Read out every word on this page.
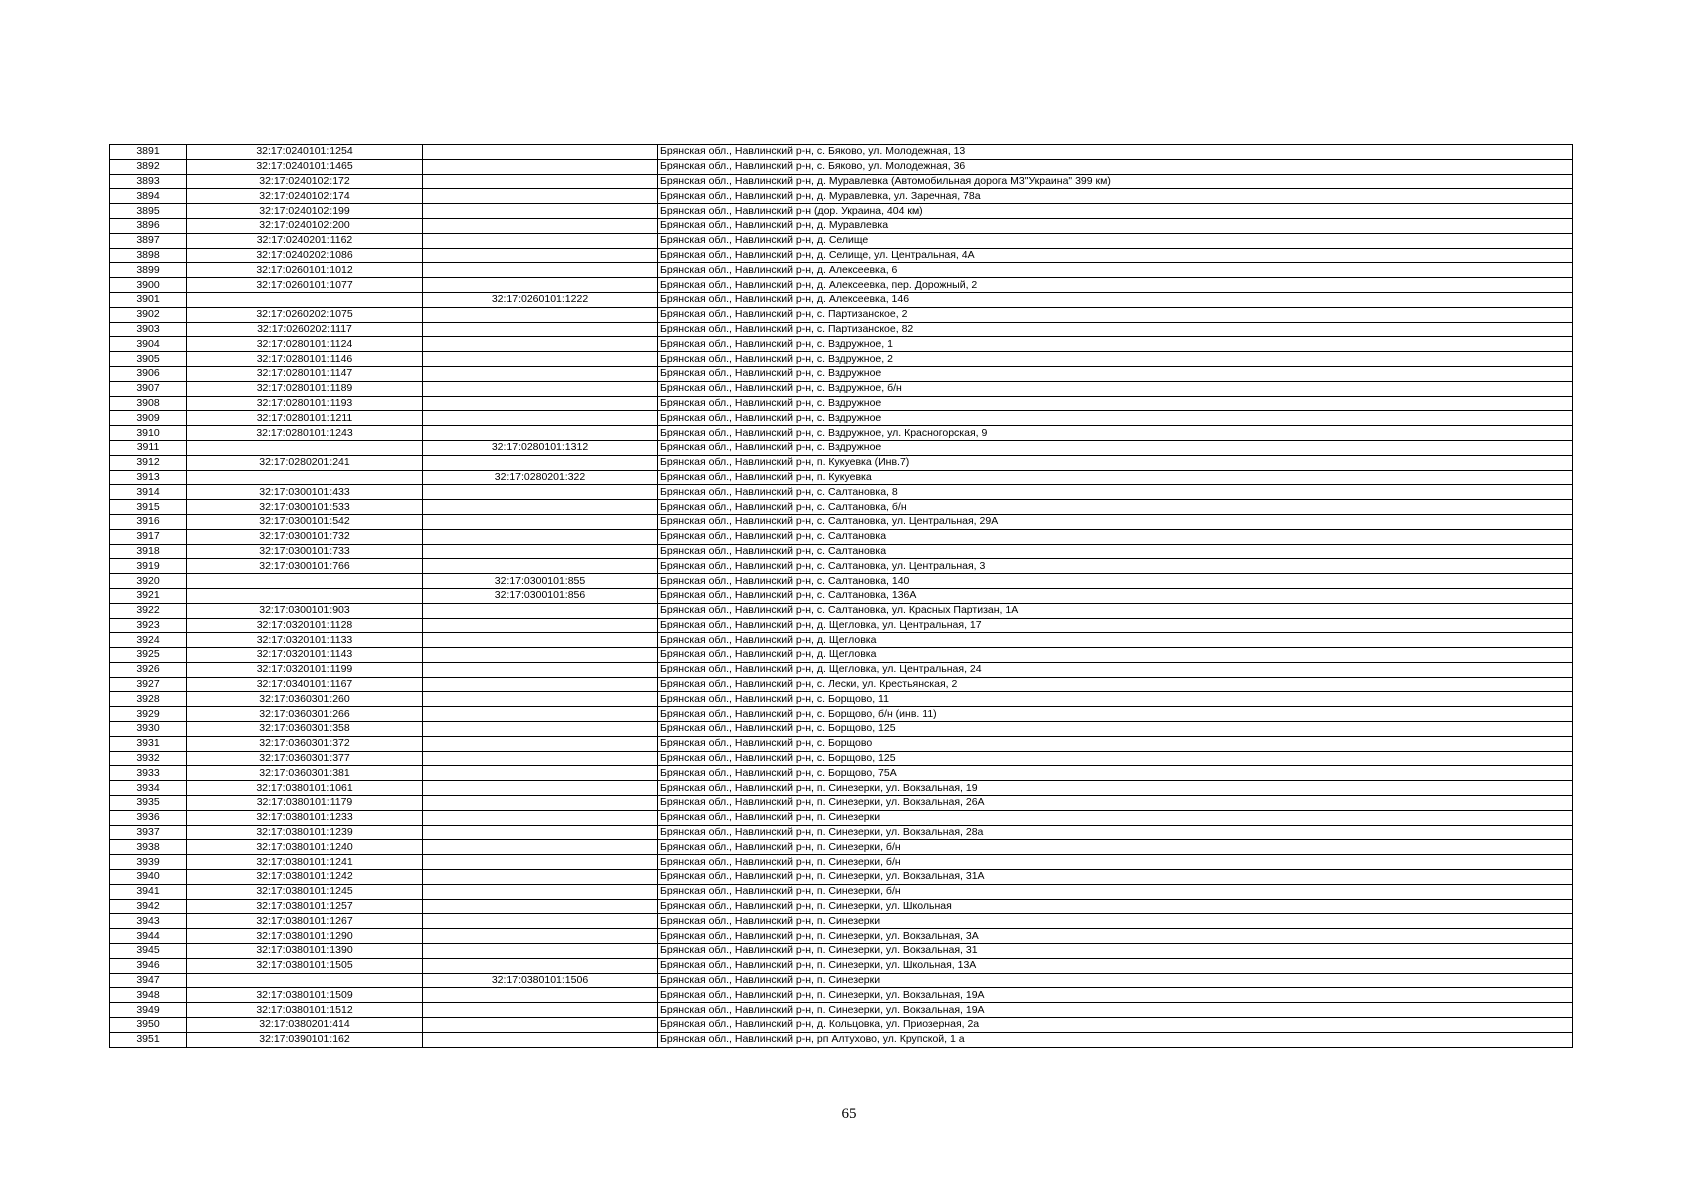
3891	32:17:0240101:1254		Брянская обл., Навлинский р-н, с. Бяково, ул. Молодежная, 13
3892	32:17:0240101:1465		Брянская обл., Навлинский р-н, с. Бяково, ул. Молодежная, 36
3893	32:17:0240102:172		Брянская обл., Навлинский р-н, д. Муравлевка (Автомобильная дорога М3"Украина" 399 км)
3894	32:17:0240102:174		Брянская обл., Навлинский р-н, д. Муравлевка, ул. Заречная, 78а
3895	32:17:0240102:199		Брянская обл., Навлинский р-н (дор. Украина, 404 км)
3896	32:17:0240102:200		Брянская обл., Навлинский р-н, д. Муравлевка
3897	32:17:0240201:1162		Брянская обл., Навлинский р-н, д. Селище
3898	32:17:0240202:1086		Брянская обл., Навлинский р-н, д. Селище, ул. Центральная, 4А
3899	32:17:0260101:1012		Брянская обл., Навлинский р-н, д. Алексеевка, 6
3900	32:17:0260101:1077		Брянская обл., Навлинский р-н, д. Алексеевка, пер. Дорожный, 2
3901		32:17:0260101:1222	Брянская обл., Навлинский р-н, д. Алексеевка, 146
3902	32:17:0260202:1075		Брянская обл., Навлинский р-н, с. Партизанское, 2
3903	32:17:0260202:1117		Брянская обл., Навлинский р-н, с. Партизанское, 82
3904	32:17:0280101:1124		Брянская обл., Навлинский р-н, с. Вздружное, 1
3905	32:17:0280101:1146		Брянская обл., Навлинский р-н, с. Вздружное, 2
3906	32:17:0280101:1147		Брянская обл., Навлинский р-н, с. Вздружное
3907	32:17:0280101:1189		Брянская обл., Навлинский р-н, с. Вздружное, б/н
3908	32:17:0280101:1193		Брянская обл., Навлинский р-н, с. Вздружное
3909	32:17:0280101:1211		Брянская обл., Навлинский р-н, с. Вздружное
3910	32:17:0280101:1243		Брянская обл., Навлинский р-н, с. Вздружное, ул. Красногорская, 9
3911		32:17:0280101:1312	Брянская обл., Навлинский р-н, с. Вздружное
3912	32:17:0280201:241		Брянская обл., Навлинский р-н, п. Кукуевка (Инв.7)
3913		32:17:0280201:322	Брянская обл., Навлинский р-н, п. Кукуевка
3914	32:17:0300101:433		Брянская обл., Навлинский р-н, с. Салтановка, 8
3915	32:17:0300101:533		Брянская обл., Навлинский р-н, с. Салтановка, б/н
3916	32:17:0300101:542		Брянская обл., Навлинский р-н, с. Салтановка, ул. Центральная, 29А
3917	32:17:0300101:732		Брянская обл., Навлинский р-н, с. Салтановка
3918	32:17:0300101:733		Брянская обл., Навлинский р-н, с. Салтановка
3919	32:17:0300101:766		Брянская обл., Навлинский р-н, с. Салтановка, ул. Центральная, 3
3920		32:17:0300101:855	Брянская обл., Навлинский р-н, с. Салтановка, 140
3921		32:17:0300101:856	Брянская обл., Навлинский р-н, с. Салтановка, 136А
3922	32:17:0300101:903		Брянская обл., Навлинский р-н, с. Салтановка, ул. Красных Партизан, 1А
3923	32:17:0320101:1128		Брянская обл., Навлинский р-н, д. Щегловка, ул. Центральная, 17
3924	32:17:0320101:1133		Брянская обл., Навлинский р-н, д. Щегловка
3925	32:17:0320101:1143		Брянская обл., Навлинский р-н, д. Щегловка
3926	32:17:0320101:1199		Брянская обл., Навлинский р-н, д. Щегловка, ул. Центральная, 24
3927	32:17:0340101:1167		Брянская обл., Навлинский р-н, с. Лески, ул. Крестьянская, 2
3928	32:17:0360301:260		Брянская обл., Навлинский р-н, с. Борщово, 11
3929	32:17:0360301:266		Брянская обл., Навлинский р-н, с. Борщово, б/н (инв. 11)
3930	32:17:0360301:358		Брянская обл., Навлинский р-н, с. Борщово, 125
3931	32:17:0360301:372		Брянская обл., Навлинский р-н, с. Борщово
3932	32:17:0360301:377		Брянская обл., Навлинский р-н, с. Борщово, 125
3933	32:17:0360301:381		Брянская обл., Навлинский р-н, с. Борщово, 75А
3934	32:17:0380101:1061		Брянская обл., Навлинский р-н, п. Синезерки, ул. Вокзальная, 19
3935	32:17:0380101:1179		Брянская обл., Навлинский р-н, п. Синезерки, ул. Вокзальная, 26А
3936	32:17:0380101:1233		Брянская обл., Навлинский р-н, п. Синезерки
3937	32:17:0380101:1239		Брянская обл., Навлинский р-н, п. Синезерки, ул. Вокзальная, 28а
3938	32:17:0380101:1240		Брянская обл., Навлинский р-н, п. Синезерки, б/н
3939	32:17:0380101:1241		Брянская обл., Навлинский р-н, п. Синезерки, б/н
3940	32:17:0380101:1242		Брянская обл., Навлинский р-н, п. Синезерки, ул. Вокзальная, 31А
3941	32:17:0380101:1245		Брянская обл., Навлинский р-н, п. Синезерки, б/н
3942	32:17:0380101:1257		Брянская обл., Навлинский р-н, п. Синезерки, ул. Школьная
3943	32:17:0380101:1267		Брянская обл., Навлинский р-н, п. Синезерки
3944	32:17:0380101:1290		Брянская обл., Навлинский р-н, п. Синезерки, ул. Вокзальная, 3А
3945	32:17:0380101:1390		Брянская обл., Навлинский р-н, п. Синезерки, ул. Вокзальная, 31
3946	32:17:0380101:1505		Брянская обл., Навлинский р-н, п. Синезерки, ул. Школьная, 13А
3947		32:17:0380101:1506	Брянская обл., Навлинский р-н, п. Синезерки
3948	32:17:0380101:1509		Брянская обл., Навлинский р-н, п. Синезерки, ул. Вокзальная, 19А
3949	32:17:0380101:1512		Брянская обл., Навлинский р-н, п. Синезерки, ул. Вокзальная, 19А
3950	32:17:0380201:414		Брянская обл., Навлинский р-н, д. Кольцовка, ул. Приозерная, 2а
3951	32:17:0390101:162		Брянская обл., Навлинский р-н, рп Алтухово, ул. Крупской, 1 а
65
